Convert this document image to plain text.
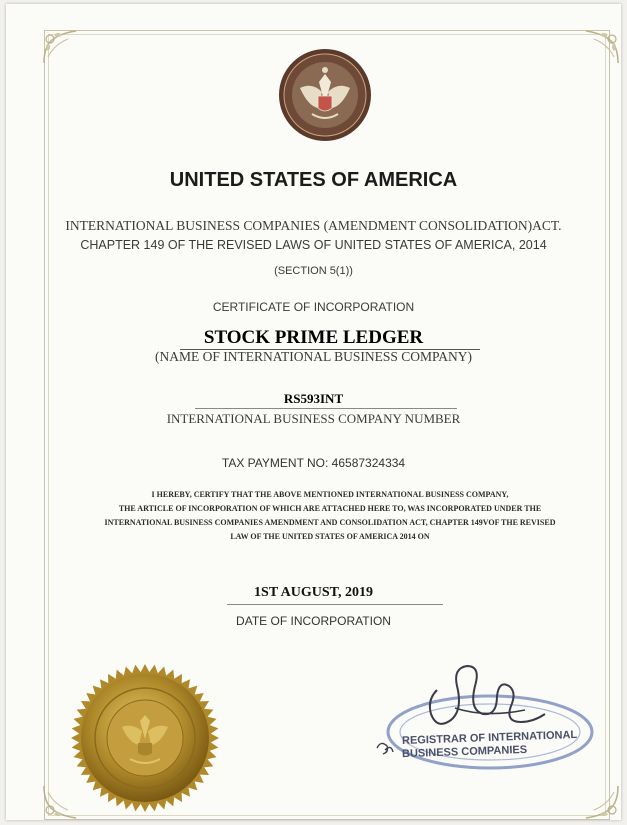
UNITED STATES OF AMERICA
INTERNATIONAL BUSINESS COMPANIES (AMENDMENT CONSOLIDATION)ACT.
CHAPTER 149 OF THE REVISED LAWS OF UNITED STATES OF AMERICA, 2014
(SECTION 5(1))
CERTIFICATE OF INCORPORATION
STOCK PRIME LEDGER
(NAME OF INTERNATIONAL BUSINESS COMPANY)
RS593INT
INTERNATIONAL BUSINESS COMPANY NUMBER
TAX PAYMENT NO: 46587324334
I HEREBY, CERTIFY THAT THE ABOVE MENTIONED INTERNATIONAL BUSINESS COMPANY,
THE ARTICLE OF INCORPORATION OF WHICH ARE ATTACHED HERE TO, WAS INCORPORATED UNDER THE
INTERNATIONAL BUSINESS COMPANIES AMENDMENT AND CONSOLIDATION ACT, CHAPTER 149VOF THE REVISED
LAW OF THE UNITED STATES OF AMERICA 2014 ON
1ST AUGUST, 2019
DATE OF INCORPORATION
REGISTRAR OF INTERNATIONAL
BUSINESS COMPANIES
